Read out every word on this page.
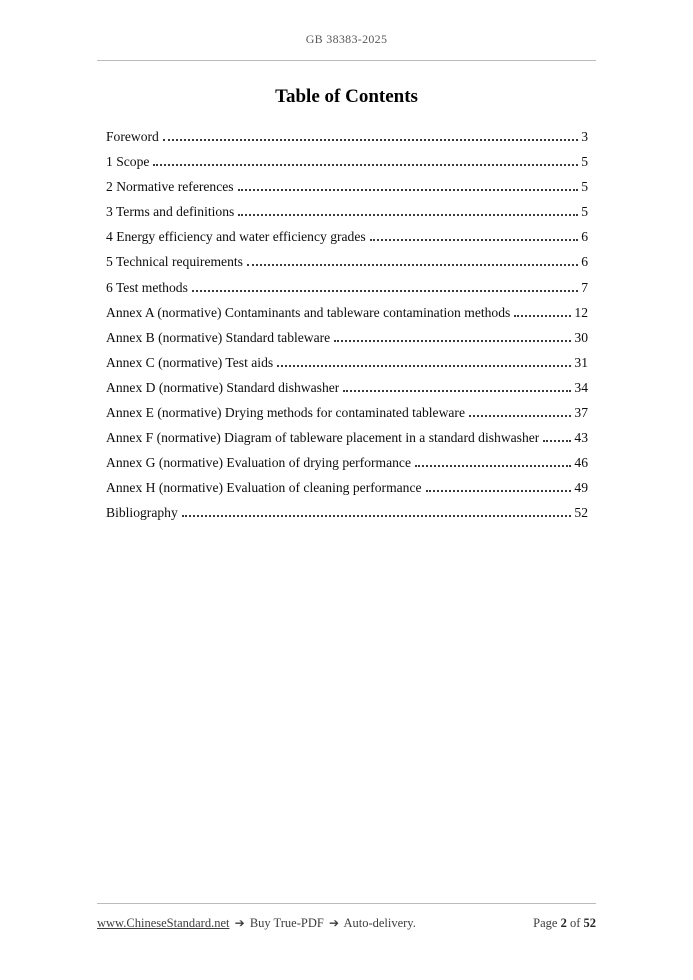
GB 38383-2025
Table of Contents
Foreword	3
1 Scope	5
2 Normative references	5
3 Terms and definitions	5
4 Energy efficiency and water efficiency grades	6
5 Technical requirements	6
6 Test methods	7
Annex A (normative) Contaminants and tableware contamination methods	12
Annex B (normative) Standard tableware	30
Annex C (normative) Test aids	31
Annex D (normative) Standard dishwasher	34
Annex E (normative) Drying methods for contaminated tableware	37
Annex F (normative) Diagram of tableware placement in a standard dishwasher	43
Annex G (normative) Evaluation of drying performance	46
Annex H (normative) Evaluation of cleaning performance	49
Bibliography	52
www.ChineseStandard.net ➔ Buy True-PDF ➔ Auto-delivery.	Page 2 of 52
